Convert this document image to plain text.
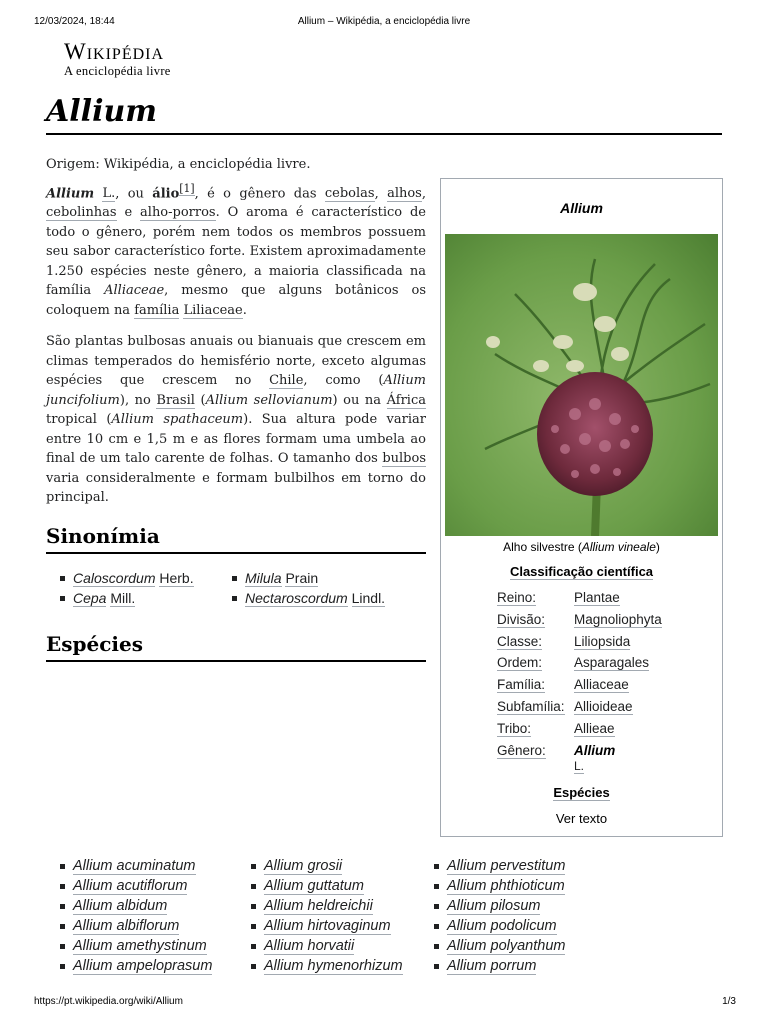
12/03/2024, 18:44	Allium – Wikipédia, a enciclopédia livre
Wikipédia
A enciclopédia livre
Allium
Origem: Wikipédia, a enciclopédia livre.

Allium L., ou álio[1], é o gênero das cebolas, alhos, cebolinhas e alho-porros. O aroma é característico de todo o gênero, porém nem todos os membros possuem seu sabor característico forte. Existem aproximadamente 1.250 espécies neste gênero, a maioria classificada na família Alliaceae, mesmo que alguns botânicos os coloquem na família Liliaceae.

São plantas bulbosas anuais ou bianuais que crescem em climas temperados do hemisfério norte, exceto algumas espécies que crescem no Chile, como (Allium juncifolium), no Brasil (Allium sellovianum) ou na África tropical (Allium spathaceum). Sua altura pode variar entre 10 cm e 1,5 m e as flores formam uma umbela ao final de um talo carente de folhas. O tamanho dos bulbos varia consideralmente e formam bulbilhos em torno do principal.

Sinonímia
Caloscordum Herb.
Cepa Mill.
Milula Prain
Nectaroscordum Lindl.
Espécies
Allium
Alho silvestre (Allium vineale)
Classificação científica
Reino:	Plantae
Divisão:	Magnoliophyta
Classe:	Liliopsida
Ordem:	Asparagales
Família:	Alliaceae
Subfamília: Allioideae
Tribo:	Allieae
Gênero:	Allium
L.
Espécies
Ver texto
Allium acuminatum
Allium acutiflorum
Allium albidum
Allium albiflorum
Allium amethystinum
Allium ampeloprasum
Allium grosii
Allium guttatum
Allium heldreichii
Allium hirtovaginum
Allium horvatii
Allium hymenorhizum
Allium pervestitum
Allium phthioticum
Allium pilosum
Allium podolicum
Allium polyanthum
Allium porrum
https://pt.wikipedia.org/wiki/Allium	1/3
